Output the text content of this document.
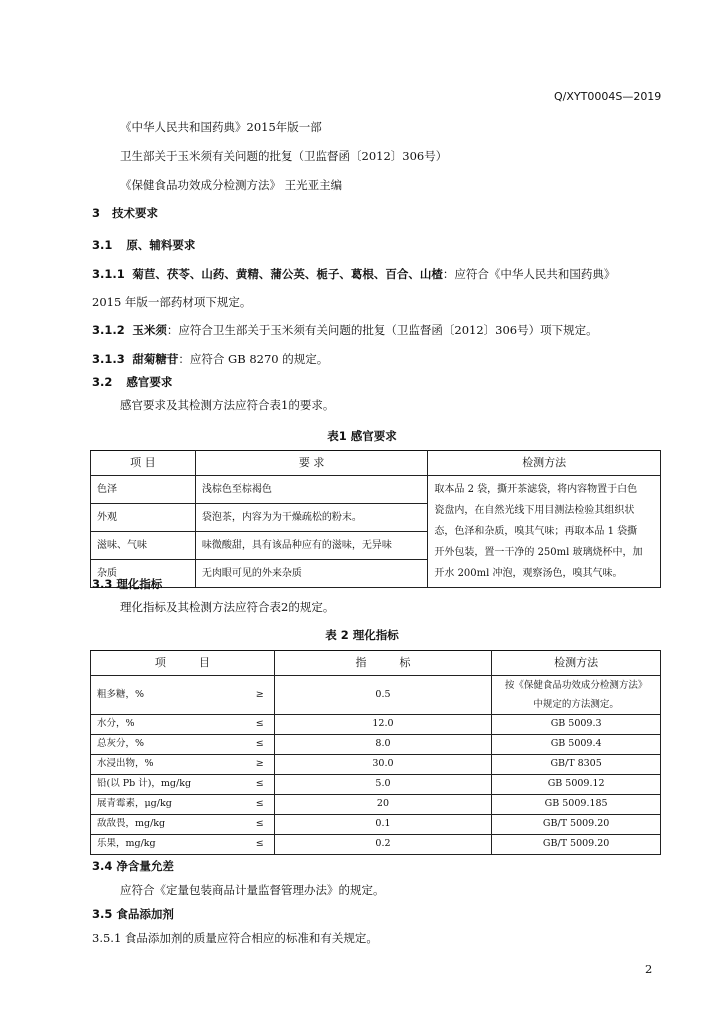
Q/XYT0004S—2019
《中华人民共和国药典》2015年版一部
卫生部关于玉米须有关问题的批复（卫监督函〔2012〕306号）
《保健食品功效成分检测方法》 王光亚主编
3 技术要求
3.1 原、辅料要求
3.1.1 菊苣、茯苓、山药、黄精、蒲公英、栀子、葛根、百合、山楂：应符合《中华人民共和国药典》
2015 年版一部药材项下规定。
3.1.2 玉米须：应符合卫生部关于玉米须有关问题的批复（卫监督函〔2012〕306号）项下规定。
3.1.3 甜菊糖苷：应符合 GB 8270 的规定。
3.2 感官要求
感官要求及其检测方法应符合表1的要求。
表1 感官要求
项 目	要 求	检测方法
色泽	浅棕色至棕褐色	取本品 2 袋，撕开茶滤袋，将内容物置于白色
瓷盘内，在自然光线下用目测法检验其组织状
态，色泽和杂质，嗅其气味；再取本品 1 袋撕
开外包装，置一干净的 250ml 玻璃烧杯中，加
开水 200ml 冲泡，观察汤色，嗅其气味。

外观	袋泡茶，内容为为干燥疏松的粉末。	
滋味、气味	味微酸甜，具有该品种应有的滋味，无异味	
杂质	无肉眼可见的外来杂质	
3.3 理化指标
理化指标及其检测方法应符合表2的规定。
表 2 理化指标
项　　　目		指　　　标	检测方法
粗多糖，%	≥	0.5	按《保健食品功效成分检测方法》
中规定的方法测定。

水分，%	≤	12.0	GB 5009.3
总灰分，%	≤	8.0	GB 5009.4
水浸出物，%	≥	30.0	GB/T 8305
铅(以 Pb 计)，mg/kg	≤	5.0	GB 5009.12
展青霉素，μg/kg	≤	20	GB 5009.185
敌敌畏，mg/kg	≤	0.1	GB/T 5009.20
乐果，mg/kg	≤	0.2	GB/T 5009.20
3.4 净含量允差
应符合《定量包装商品计量监督管理办法》的规定。
3.5 食品添加剂
3.5.1 食品添加剂的质量应符合相应的标准和有关规定。
2
